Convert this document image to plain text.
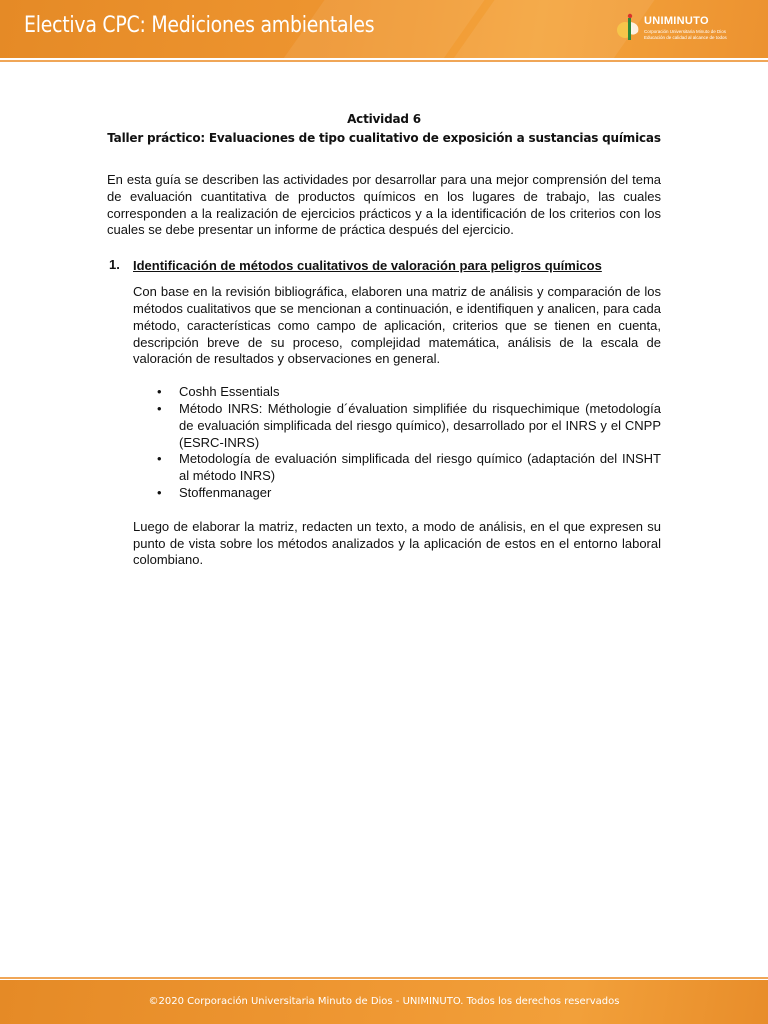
Electiva CPC: Mediciones ambientales	UNIMINUTO
Corporación Universitaria Minuto de Dios
Educación de calidad al alcance de todos

Actividad 6

Taller práctico: Evaluaciones de tipo cualitativo de exposición a sustancias químicas

En esta guía se describen las actividades por desarrollar para una mejor comprensión del tema de evaluación cuantitativa de productos químicos en los lugares de trabajo, las cuales corresponden a la realización de ejercicios prácticos y a la identificación de los criterios con los cuales se debe presentar un informe de práctica después del ejercicio.

1. Identificación de métodos cualitativos de valoración para peligros químicos

Con base en la revisión bibliográfica, elaboren una matriz de análisis y comparación de los métodos cualitativos que se mencionan a continuación, e identifiquen y analicen, para cada método, características como campo de aplicación, criterios que se tienen en cuenta, descripción breve de su proceso, complejidad matemática, análisis de la escala de valoración de resultados y observaciones en general.

• Coshh Essentials
• Método INRS: Méthologie d´évaluation simplifiée du risquechimique (metodología de evaluación simplificada del riesgo químico), desarrollado por el INRS y el CNPP (ESRC-INRS)
• Metodología de evaluación simplificada del riesgo químico (adaptación del INSHT al método INRS)
• Stoffenmanager

Luego de elaborar la matriz, redacten un texto, a modo de análisis, en el que expresen su punto de vista sobre los métodos analizados y la aplicación de estos en el entorno laboral colombiano.

©2020 Corporación Universitaria Minuto de Dios - UNIMINUTO. Todos los derechos reservados
